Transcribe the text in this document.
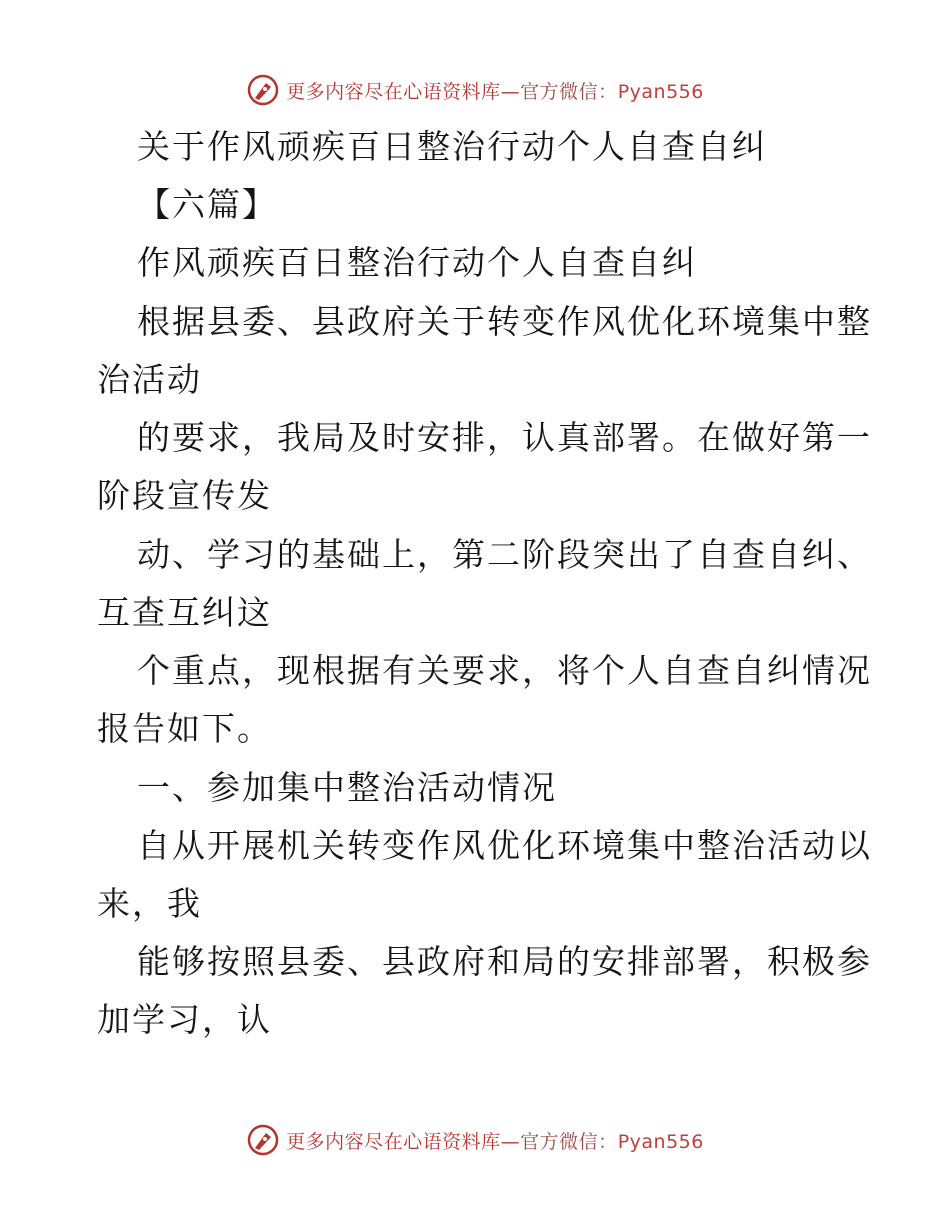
更多内容尽在心语资料库—官方微信：Pyan556
关于作风顽疾百日整治行动个人自查自纠
【六篇】
作风顽疾百日整治行动个人自查自纠
根据县委、县政府关于转变作风优化环境集中整
治活动
的要求，我局及时安排，认真部署。在做好第一
阶段宣传发
动、学习的基础上，第二阶段突出了自查自纠、
互查互纠这
个重点，现根据有关要求，将个人自查自纠情况
报告如下。
一、参加集中整治活动情况
自从开展机关转变作风优化环境集中整治活动以
来，我
能够按照县委、县政府和局的安排部署，积极参
加学习，认
更多内容尽在心语资料库—官方微信：Pyan556
